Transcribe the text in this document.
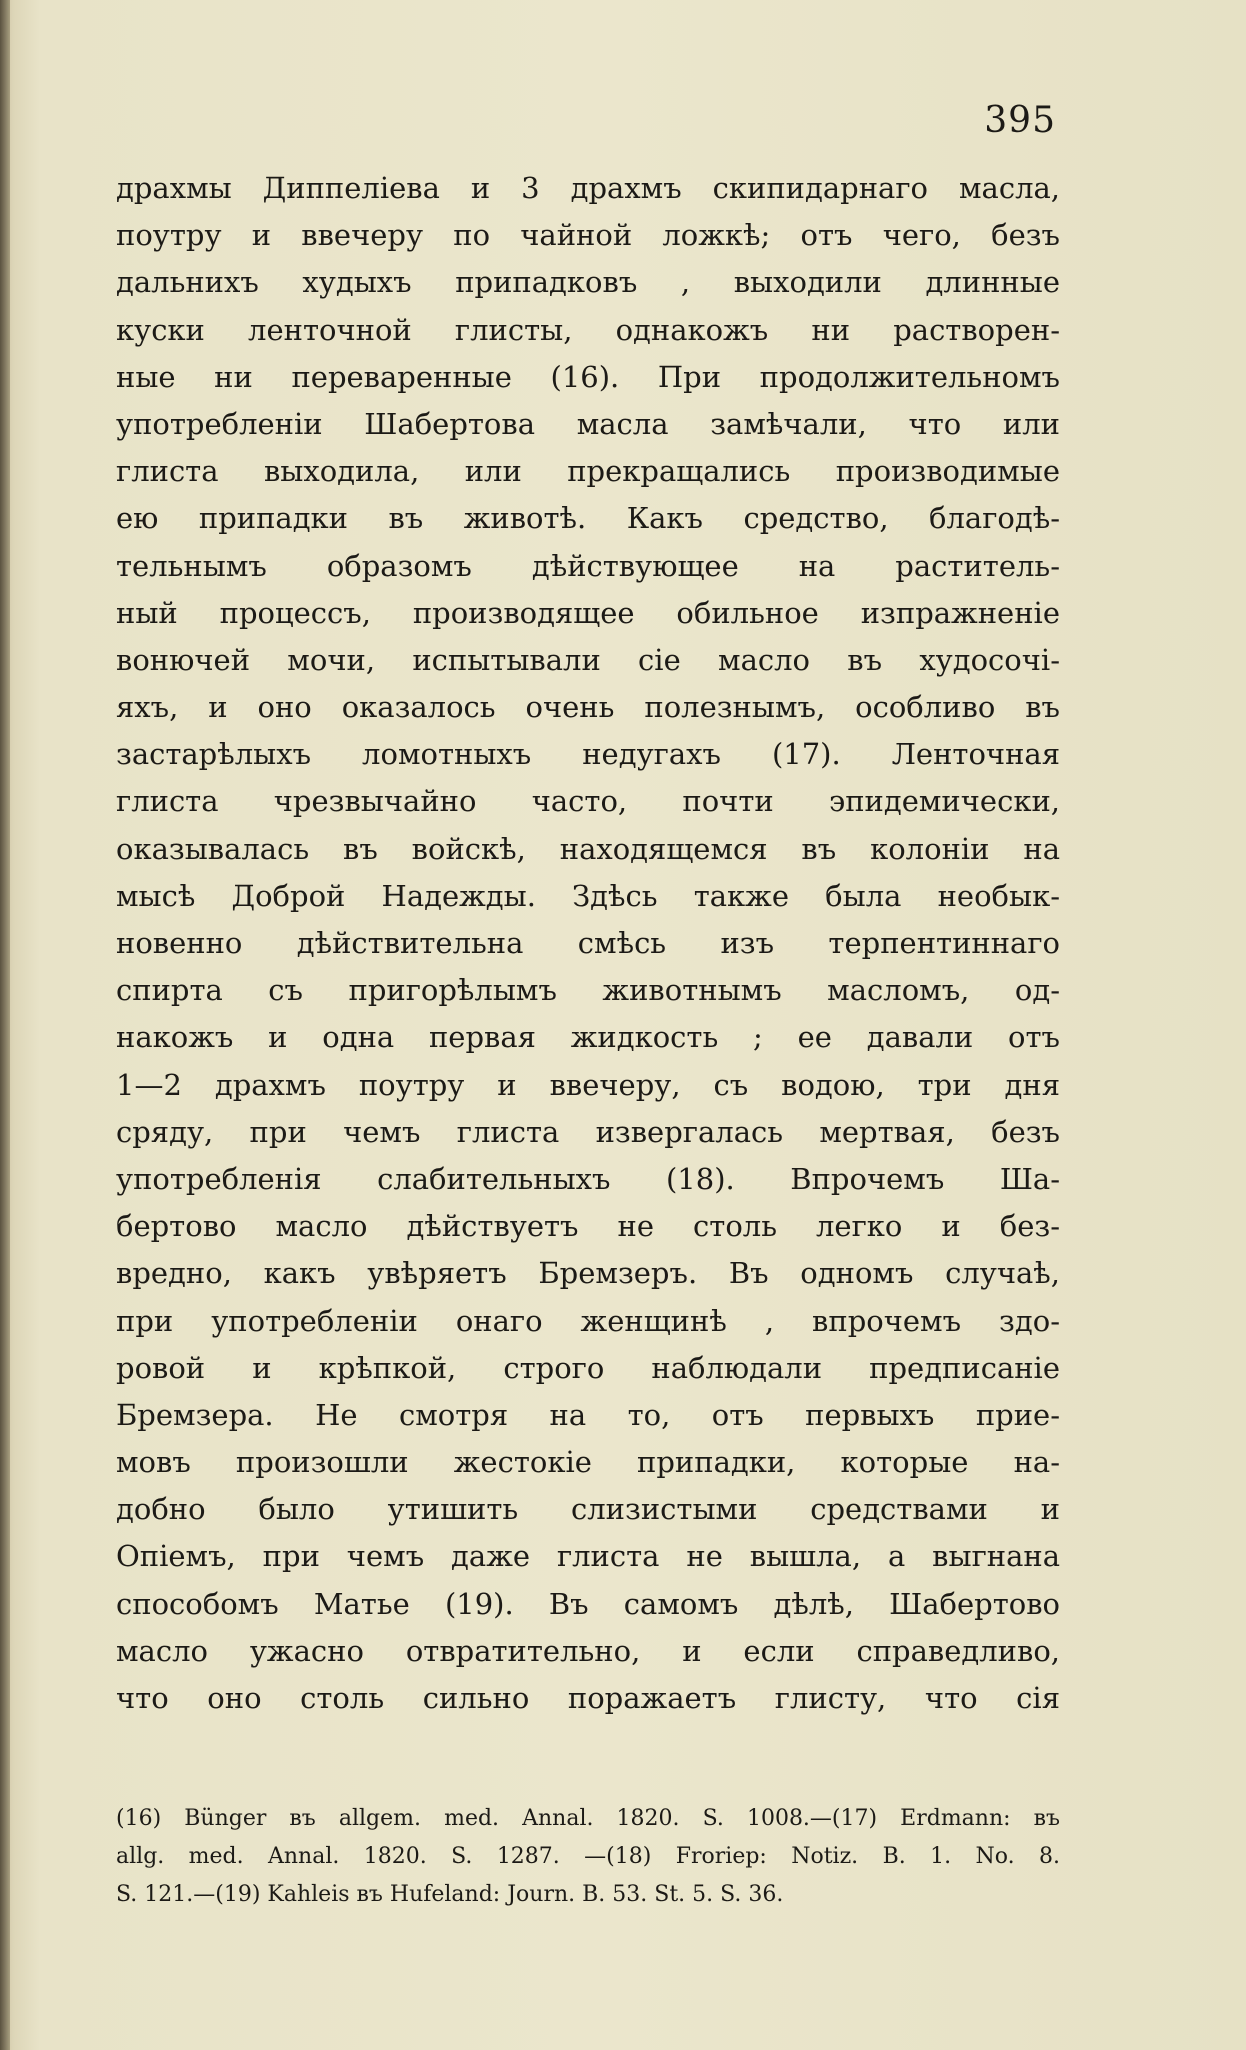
395
драхмы Диппелiева и 3 драхмъ скипидарнаго масла,
поутру и ввечеру по чайной ложкѣ; отъ чего, безъ
дальнихъ худыхъ припадковъ , выходили длинные
куски ленточной глисты, однакожъ ни растворен-
ные ни переваренные (16). При продолжительномъ
употребленiи Шабертова масла замѣчали, что или
глиста выходила, или прекращались производимые
ею припадки въ животѣ. Какъ средство, благодѣ-
тельнымъ образомъ дѣйствующее на раститель-
ный процессъ, производящее обильное изпражненiе
вонючей мочи, испытывали сiе масло въ худосочi-
яхъ, и оно оказалось очень полезнымъ, особливо въ
застарѣлыхъ ломотныхъ недугахъ (17). Ленточная
глиста чрезвычайно часто, почти эпидемически,
оказывалась въ войскѣ, находящемся въ колонiи на
мысѣ Доброй Надежды. Здѣсь также была необык-
новенно дѣйствительна смѣсь изъ терпентиннаго
спирта съ пригорѣлымъ животнымъ масломъ, од-
накожъ и одна первая жидкость ; ее давали отъ
1—2 драхмъ поутру и ввечеру, съ водою, три дня
сряду, при чемъ глиста извергалась мертвая, безъ
употребленiя слабительныхъ (18). Впрочемъ Ша-
бертово масло дѣйствуетъ не столь легко и без-
вредно, какъ увѣряетъ Бремзеръ. Въ одномъ случаѣ,
при употребленiи онаго женщинѣ , впрочемъ здо-
ровой и крѣпкой, строго наблюдали предписанiе
Бремзера. Не смотря на то, отъ первыхъ прие-
мовъ произошли жестокiе припадки, которые на-
добно было утишить слизистыми средствами и
Опiемъ, при чемъ даже глиста не вышла, а выгнана
способомъ Матье (19). Въ самомъ дѣлѣ, Шабертово
масло ужасно отвратительно, и если справедливо,
что оно столь сильно поражаетъ глисту, что сiя
(16) Bünger въ allgem. med. Annal. 1820. S. 1008.—(17) Erdmann: въ
allg. med. Annal. 1820. S. 1287. —(18) Froriep: Notiz. B. 1. No. 8.
S. 121.—(19) Kahleis въ Hufeland: Journ. B. 53. St. 5. S. 36.
